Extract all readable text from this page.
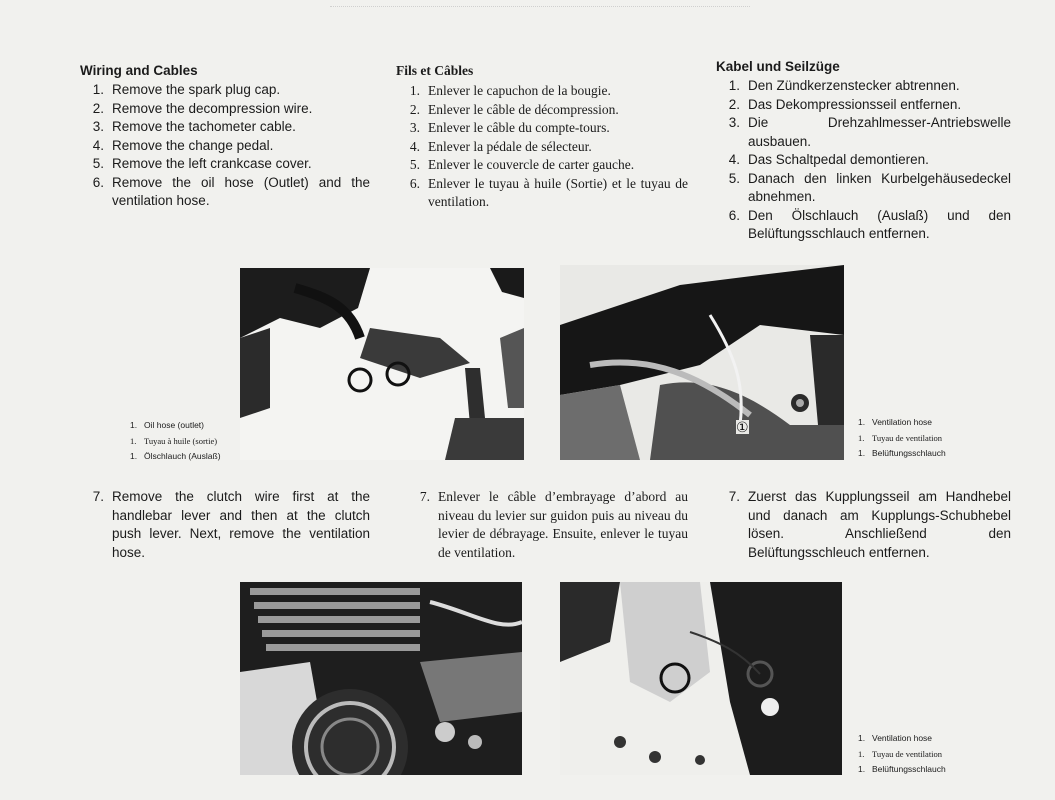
Wiring and Cables
1. Remove the spark plug cap.
2. Remove the decompression wire.
3. Remove the tachometer cable.
4. Remove the change pedal.
5. Remove the left crankcase cover.
6. Remove the oil hose (Outlet) and the ventilation hose.
Fils et Câbles
1. Enlever le capuchon de la bougie.
2. Enlever le câble de décompression.
3. Enlever le câble du compte-tours.
4. Enlever la pédale de sélecteur.
5. Enlever le couvercle de carter gauche.
6. Enlever le tuyau à huile (Sortie) et le tuyau de ventilation.
Kabel und Seilzüge
1. Den Zündkerzenstecker abtrennen.
2. Das Dekompressionsseil entfernen.
3. Die Drehzahlmesser-Antriebswelle ausbauen.
4. Das Schaltpedal demontieren.
5. Danach den linken Kurbelgehäusedeckel abnehmen.
6. Den Ölschlauch (Auslaß) und den Belüftungsschlauch entfernen.
1. Oil hose (outlet)
1. Tuyau à huile (sortie)
1. Ölschlauch (Auslaß)
①	1. Ventilation hose
1. Tuyau de ventilation
1. Belüftungsschlauch
7. Remove the clutch wire first at the handlebar lever and then at the clutch push lever. Next, remove the ventilation hose.
7. Enlever le câble d’embrayage d’abord au niveau du levier sur guidon puis au niveau du levier de débrayage. Ensuite, enlever le tuyau de ventilation.
7. Zuerst das Kupplungsseil am Handhebel und danach am Kupplungs-Schubhebel lösen. Anschließend den Belüftungsschleuch entfernen.
1. Ventilation hose
1. Tuyau de ventilation
1. Belüftungsschlauch
